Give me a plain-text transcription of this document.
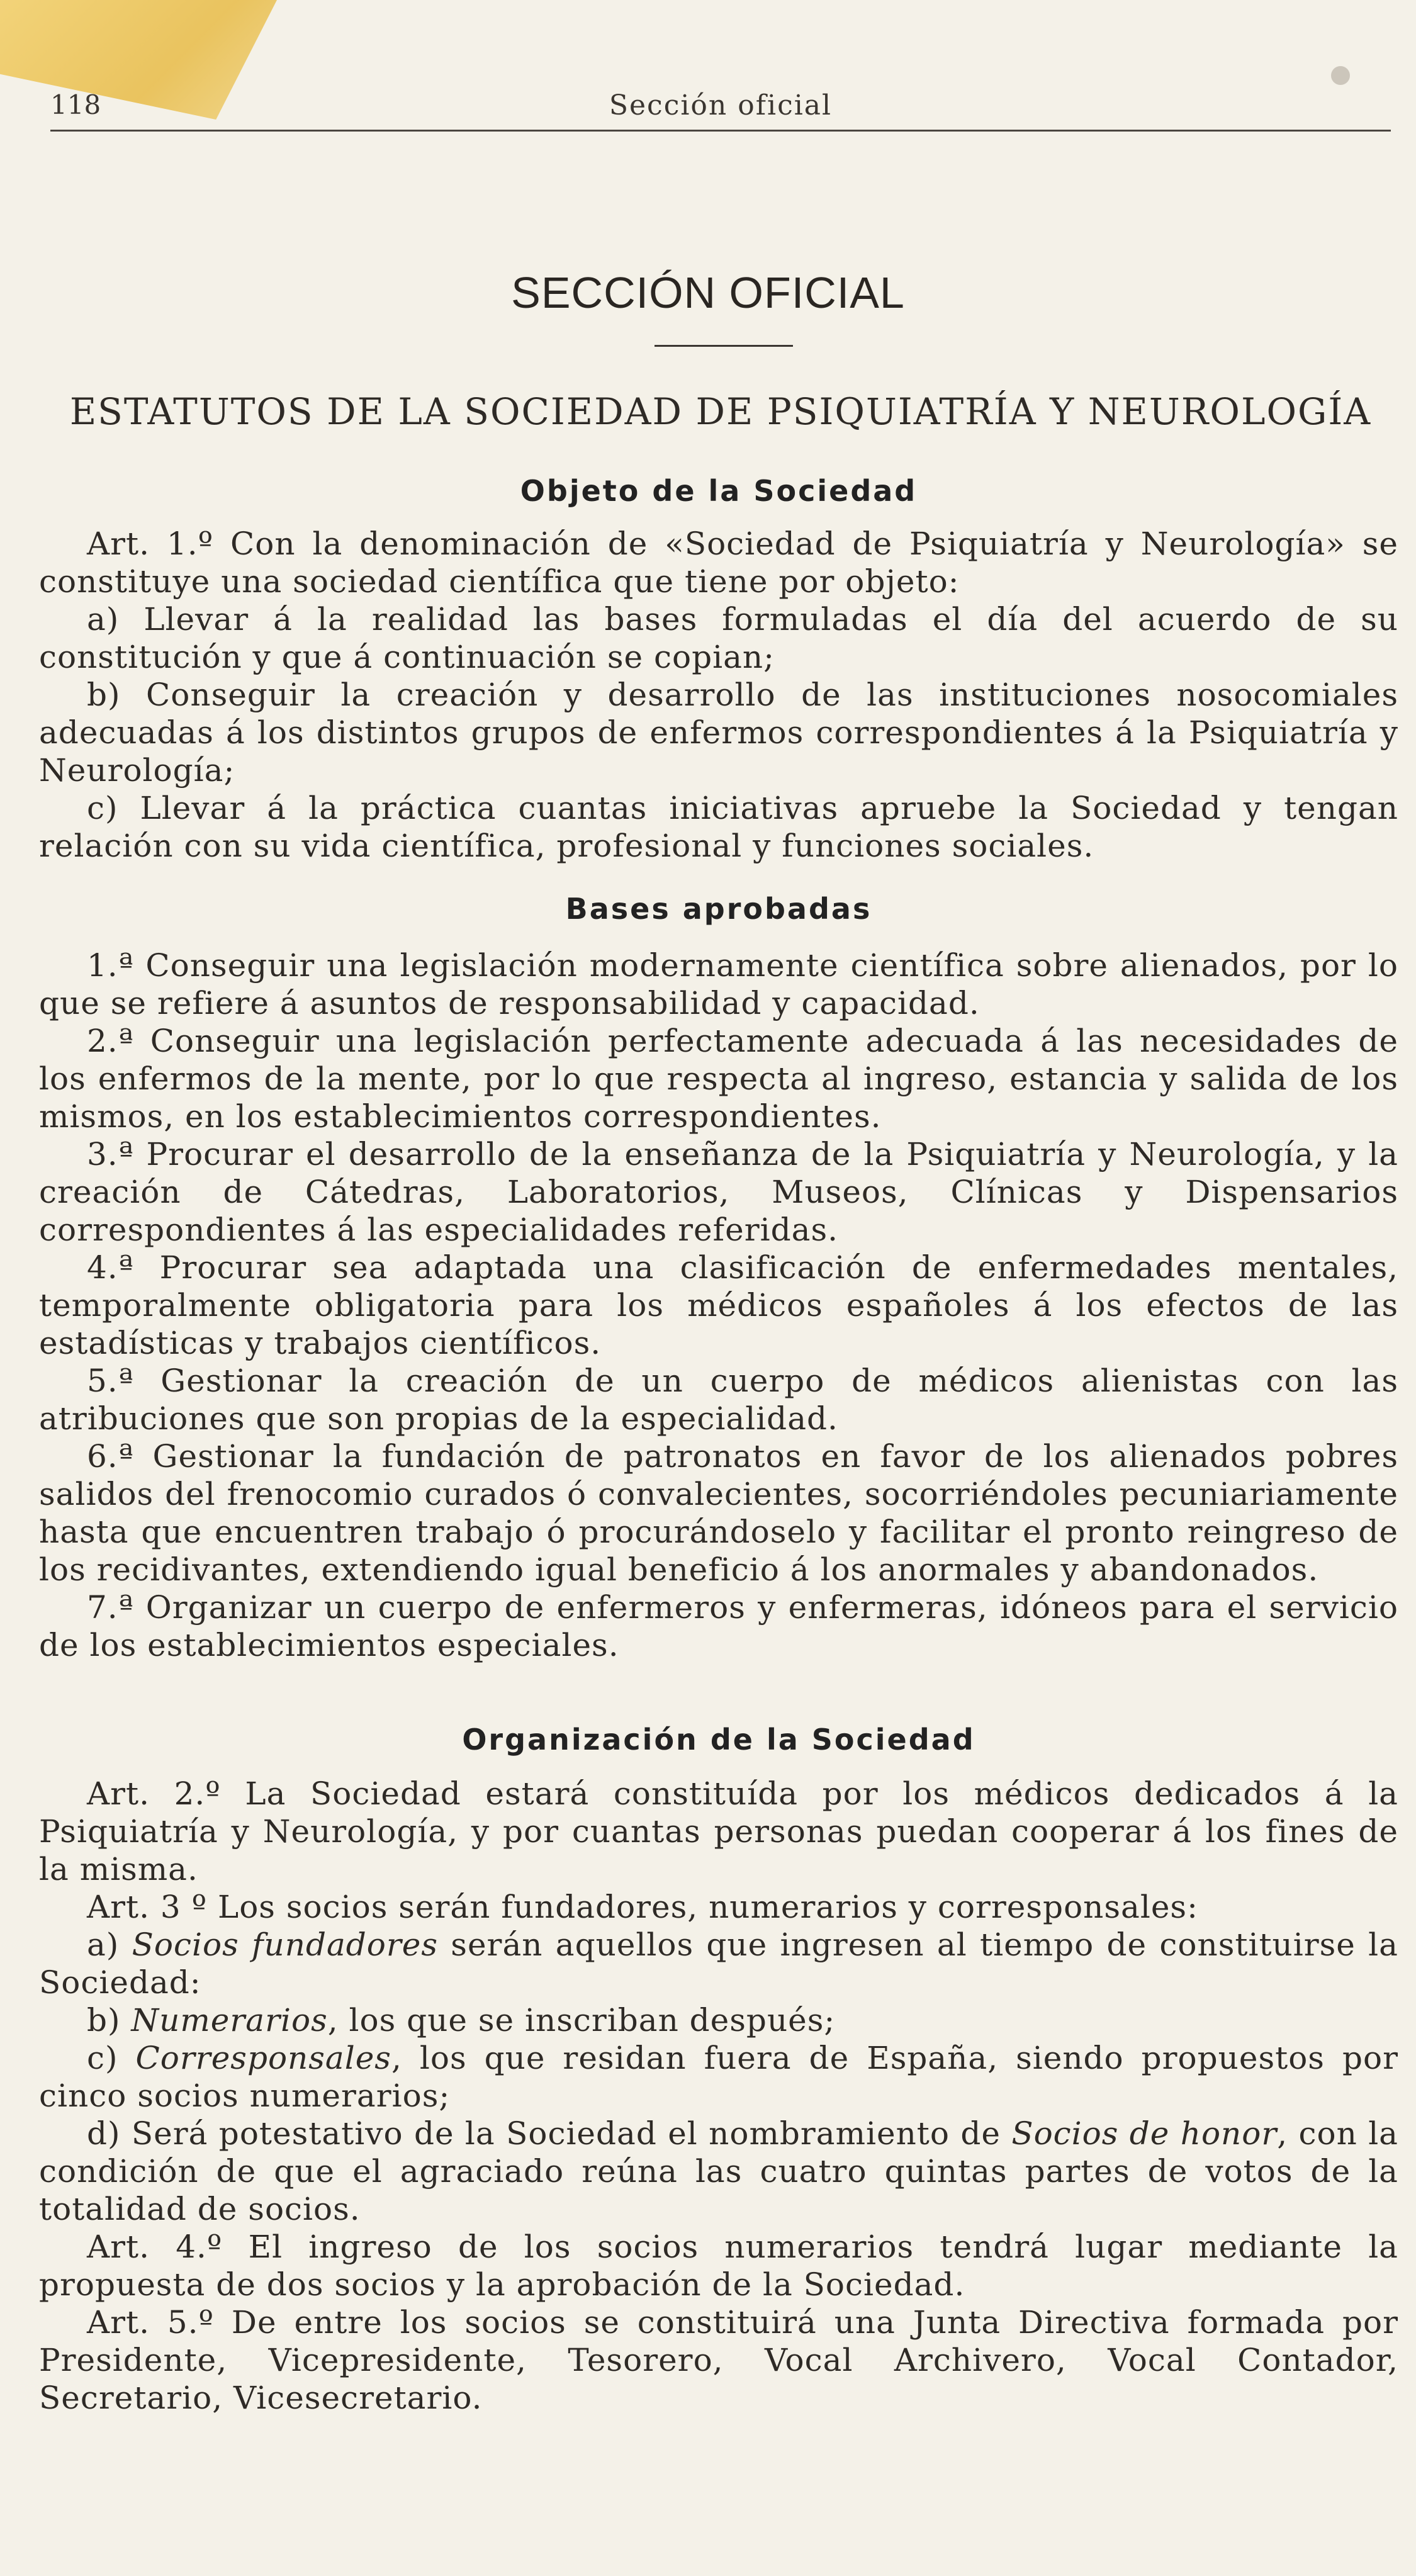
118	Sección oficial
SECCIÓN OFICIAL
ESTATUTOS DE LA SOCIEDAD DE PSIQUIATRÍA Y NEUROLOGÍA
Objeto de la Sociedad

Art. 1.º Con la denominación de «Sociedad de Psiquiatría y Neurología» se constituye una sociedad científica que tiene por objeto:

a) Llevar á la realidad las bases formuladas el día del acuerdo de su constitución y que á continuación se copian;

b) Conseguir la creación y desarrollo de las instituciones nosocomiales adecuadas á los distintos grupos de enfermos correspondientes á la Psiquiatría y Neurología;

c) Llevar á la práctica cuantas iniciativas apruebe la Sociedad y tengan relación con su vida científica, profesional y funciones sociales.

Bases aprobadas

1.ª Conseguir una legislación modernamente científica sobre alienados, por lo que se refiere á asuntos de responsabilidad y capacidad.

2.ª Conseguir una legislación perfectamente adecuada á las necesidades de los enfermos de la mente, por lo que respecta al ingreso, estancia y salida de los mismos, en los establecimientos correspondientes.

3.ª Procurar el desarrollo de la enseñanza de la Psiquiatría y Neurología, y la creación de Cátedras, Laboratorios, Museos, Clínicas y Dispensarios correspondientes á las especialidades referidas.

4.ª Procurar sea adaptada una clasificación de enfermedades mentales, temporalmente obligatoria para los médicos españoles á los efectos de las estadísticas y trabajos científicos.

5.ª Gestionar la creación de un cuerpo de médicos alienistas con las atribuciones que son propias de la especialidad.

6.ª Gestionar la fundación de patronatos en favor de los alienados pobres salidos del frenocomio curados ó convalecientes, socorriéndoles pecuniariamente hasta que encuentren trabajo ó procurándoselo y facilitar el pronto reingreso de los recidivantes, extendiendo igual beneficio á los anormales y abandonados.

7.ª Organizar un cuerpo de enfermeros y enfermeras, idóneos para el servicio de los establecimientos especiales.

Organización de la Sociedad

Art. 2.º La Sociedad estará constituída por los médicos dedicados á la Psiquiatría y Neurología, y por cuantas personas puedan cooperar á los fines de la misma.

Art. 3 º Los socios serán fundadores, numerarios y corresponsales:

a) Socios fundadores serán aquellos que ingresen al tiempo de constituirse la Sociedad:

b) Numerarios, los que se inscriban después;

c) Corresponsales, los que residan fuera de España, siendo propuestos por cinco socios numerarios;

d) Será potestativo de la Sociedad el nombramiento de Socios de honor, con la condición de que el agraciado reúna las cuatro quintas partes de votos de la totalidad de socios.

Art. 4.º El ingreso de los socios numerarios tendrá lugar mediante la propuesta de dos socios y la aprobación de la Sociedad.

Art. 5.º De entre los socios se constituirá una Junta Directiva formada por Presidente, Vicepresidente, Tesorero, Vocal Archivero, Vocal Contador, Secretario, Vicesecretario.
